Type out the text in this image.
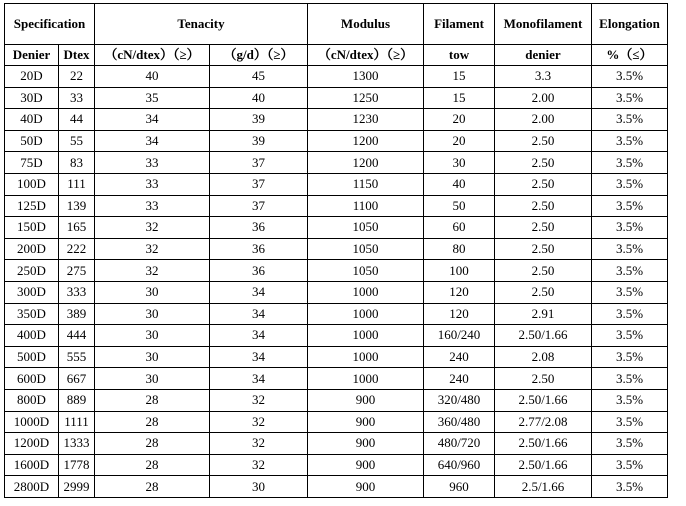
Specification		Tenacity		Modulus	Filament	Monofilament	Elongation
Denier	Dtex	（cN/dtex）（≥）	（g/d）（≥）	（cN/dtex）（≥）	tow	denier	%（≤）
20D	22	40	45	1300	15	3.3	3.5%
30D	33	35	40	1250	15	2.00	3.5%
40D	44	34	39	1230	20	2.00	3.5%
50D	55	34	39	1200	20	2.50	3.5%
75D	83	33	37	1200	30	2.50	3.5%
100D	111	33	37	1150	40	2.50	3.5%
125D	139	33	37	1100	50	2.50	3.5%
150D	165	32	36	1050	60	2.50	3.5%
200D	222	32	36	1050	80	2.50	3.5%
250D	275	32	36	1050	100	2.50	3.5%
300D	333	30	34	1000	120	2.50	3.5%
350D	389	30	34	1000	120	2.91	3.5%
400D	444	30	34	1000	160/240	2.50/1.66	3.5%
500D	555	30	34	1000	240	2.08	3.5%
600D	667	30	34	1000	240	2.50	3.5%
800D	889	28	32	900	320/480	2.50/1.66	3.5%
1000D	1111	28	32	900	360/480	2.77/2.08	3.5%
1200D	1333	28	32	900	480/720	2.50/1.66	3.5%
1600D	1778	28	32	900	640/960	2.50/1.66	3.5%
2800D	2999	28	30	900	960	2.5/1.66	3.5%
